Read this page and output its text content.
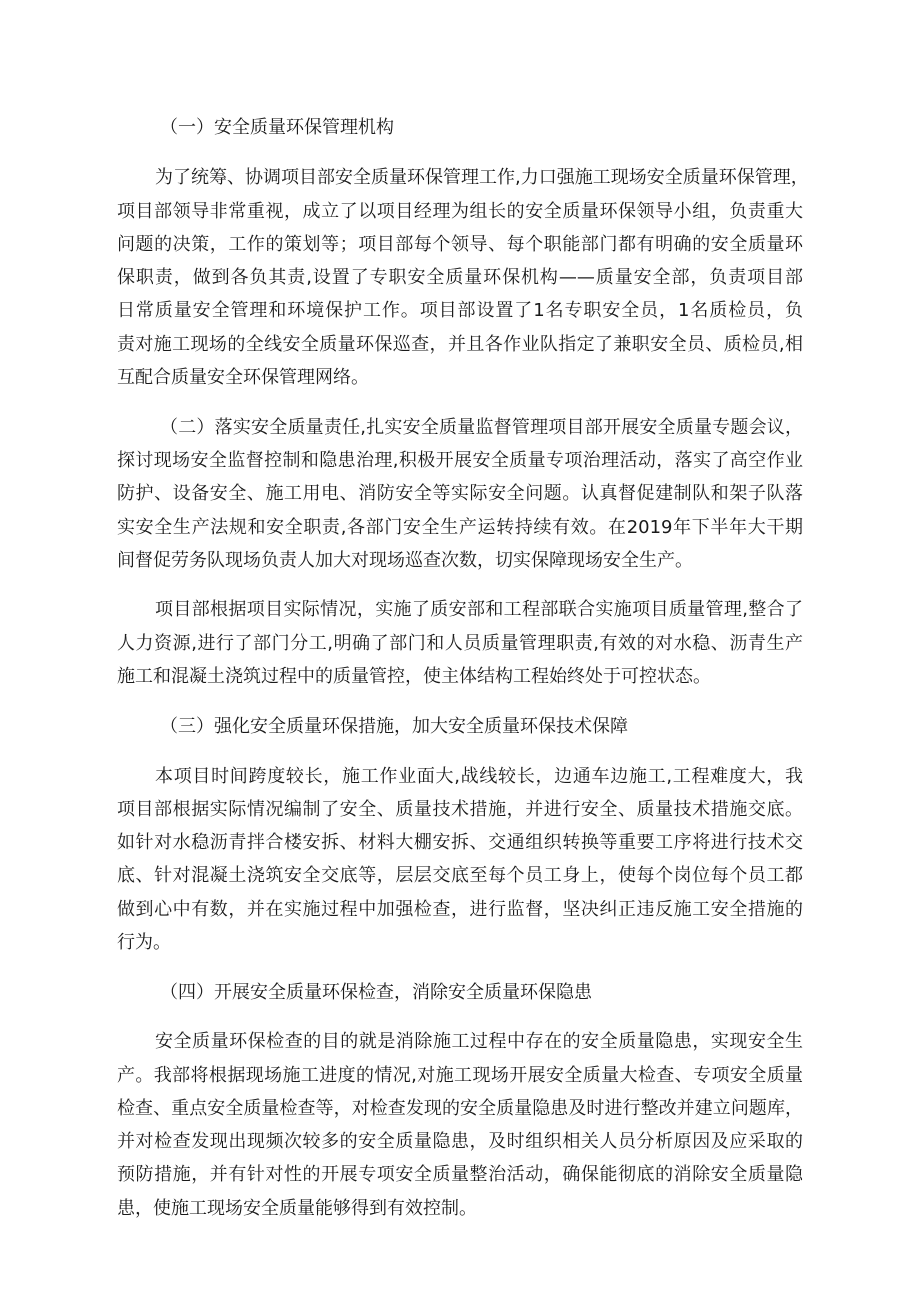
（一）安全质量环保管理机构
为了统筹、协调项目部安全质量环保管理工作,力口强施工现场安全质量环保管理，
项目部领导非常重视，成立了以项目经理为组长的安全质量环保领导小组，负责重大
问题的决策，工作的策划等；项目部每个领导、每个职能部门都有明确的安全质量环
保职责，做到各负其责,设置了专职安全质量环保机构——质量安全部，负责项目部
日常质量安全管理和环境保护工作。项目部设置了1名专职安全员，1名质检员，负
责对施工现场的全线安全质量环保巡查，并且各作业队指定了兼职安全员、质检员,相
互配合质量安全环保管理网络。
（二）落实安全质量责任,扎实安全质量监督管理项目部开展安全质量专题会议，
探讨现场安全监督控制和隐患治理,积极开展安全质量专项治理活动，落实了高空作业
防护、设备安全、施工用电、消防安全等实际安全问题。认真督促建制队和架子队落
实安全生产法规和安全职责,各部门安全生产运转持续有效。在2019年下半年大干期
间督促劳务队现场负责人加大对现场巡查次数，切实保障现场安全生产。
项目部根据项目实际情况，实施了质安部和工程部联合实施项目质量管理,整合了
人力资源,进行了部门分工,明确了部门和人员质量管理职责,有效的对水稳、沥青生产
施工和混凝土浇筑过程中的质量管控，使主体结构工程始终处于可控状态。
（三）强化安全质量环保措施，加大安全质量环保技术保障
本项目时间跨度较长，施工作业面大,战线较长，边通车边施工,工程难度大，我
项目部根据实际情况编制了安全、质量技术措施，并进行安全、质量技术措施交底。
如针对水稳沥青拌合楼安拆、材料大棚安拆、交通组织转换等重要工序将进行技术交
底、针对混凝土浇筑安全交底等，层层交底至每个员工身上，使每个岗位每个员工都
做到心中有数，并在实施过程中加强检查，进行监督，坚决纠正违反施工安全措施的
行为。
（四）开展安全质量环保检查，消除安全质量环保隐患
安全质量环保检查的目的就是消除施工过程中存在的安全质量隐患，实现安全生
产。我部将根据现场施工进度的情况,对施工现场开展安全质量大检查、专项安全质量
检查、重点安全质量检查等，对检查发现的安全质量隐患及时进行整改并建立问题库，
并对检查发现出现频次较多的安全质量隐患，及时组织相关人员分析原因及应采取的
预防措施，并有针对性的开展专项安全质量整治活动，确保能彻底的消除安全质量隐
患，使施工现场安全质量能够得到有效控制。
